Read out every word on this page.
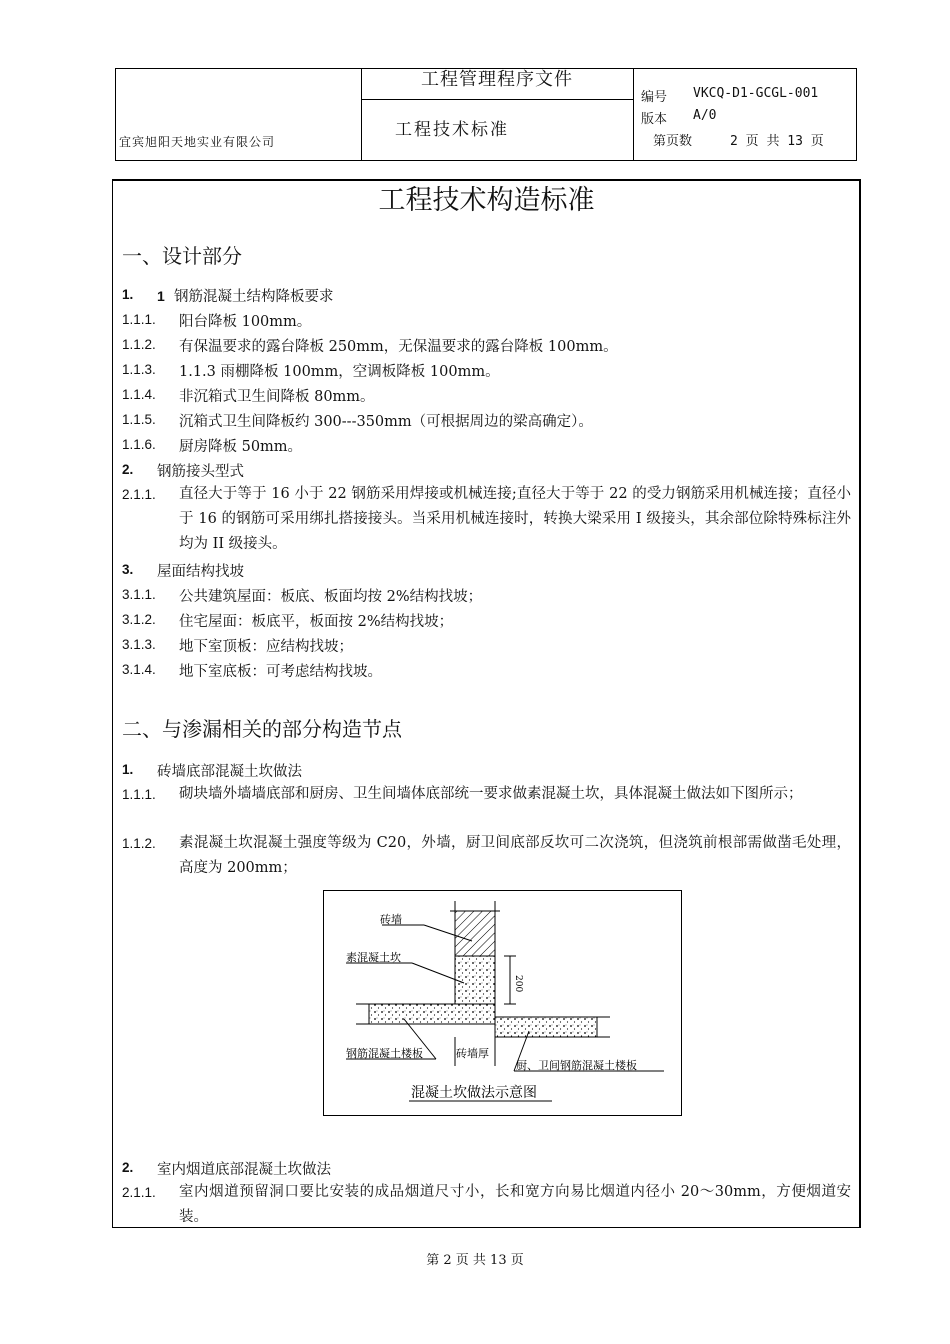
宜宾旭阳天地实业有限公司
工程管理程序文件
工程技术标准
编号 VKCQ-D1-GCGL-001
版本 A/0
第页数	2 页 共 13 页
工程技术构造标准
一、设计部分
1. 1  钢筋混凝土结构降板要求
1.1.1. 阳台降板 100mm。
1.1.2. 有保温要求的露台降板 250mm，无保温要求的露台降板 100mm。
1.1.3. 1.1.3 雨棚降板 100mm，空调板降板 100mm。
1.1.4. 非沉箱式卫生间降板 80mm。
1.1.5. 沉箱式卫生间降板约 300---350mm（可根据周边的梁高确定）。
1.1.6. 厨房降板 50mm。
2. 钢筋接头型式
2.1.1. 直径大于等于 16 小于 22 钢筋采用焊接或机械连接;直径大于等于 22 的受力钢筋采用机械连接；直径小于 16 的钢筋可采用绑扎搭接接头。当采用机械连接时，转换大梁采用 I 级接头，其余部位除特殊标注外均为 II 级接头。
3. 屋面结构找坡
3.1.1. 公共建筑屋面：板底、板面均按 2%结构找坡；
3.1.2. 住宅屋面：板底平，板面按 2%结构找坡；
3.1.3. 地下室顶板：应结构找坡；
3.1.4. 地下室底板：可考虑结构找坡。
二、与渗漏相关的部分构造节点
1. 砖墙底部混凝土坎做法
1.1.1. 砌块墙外墙墙底部和厨房、卫生间墙体底部统一要求做素混凝土坎，具体混凝土做法如下图所示；
1.1.2. 素混凝土坎混凝土强度等级为 C20，外墙，厨卫间底部反坎可二次浇筑，但浇筑前根部需做凿毛处理，高度为 200mm；
砖墙
素混凝土坎
200
钢筋混凝土楼板	砖墙厚
厨、卫间钢筋混凝土楼板
混凝土坎做法示意图
2. 室内烟道底部混凝土坎做法
2.1.1. 室内烟道预留洞口要比安装的成品烟道尺寸小，长和宽方向易比烟道内径小 20～30mm，方便烟道安装。
第 2 页 共 13 页
